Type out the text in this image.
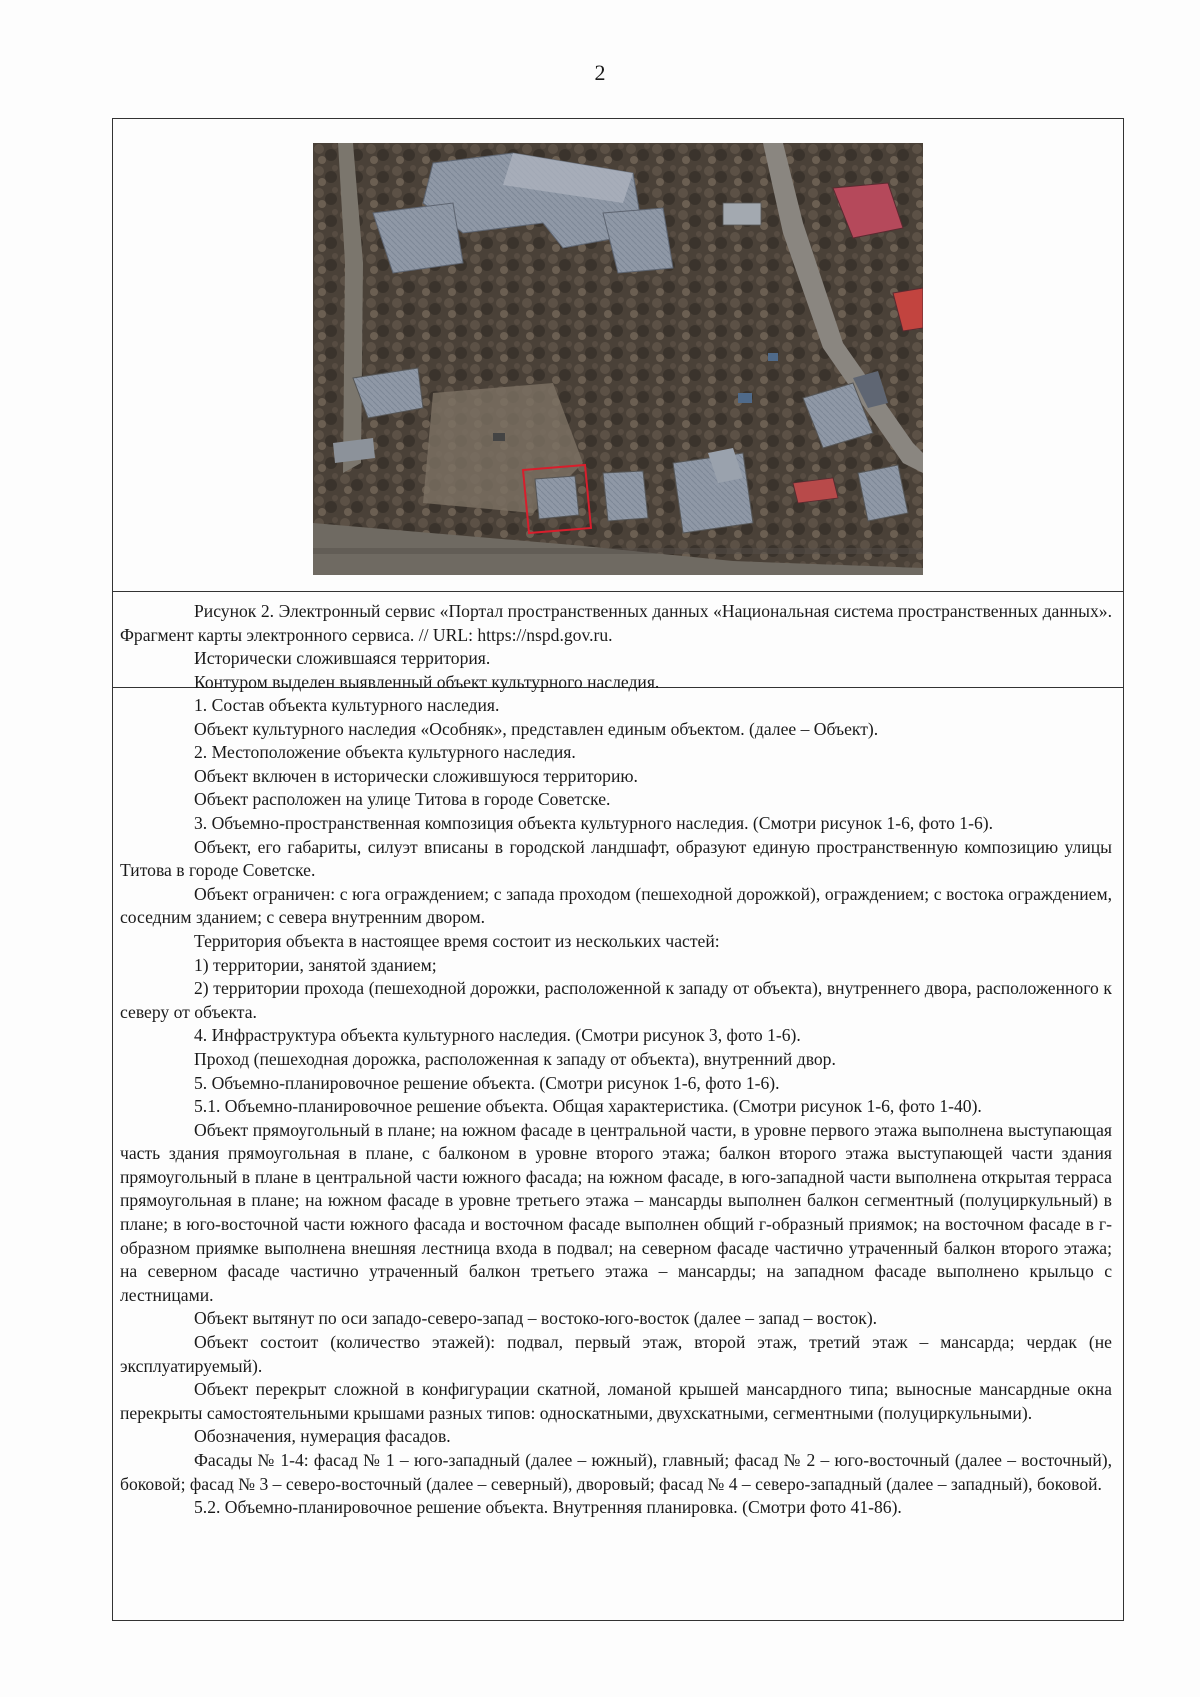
2

Рисунок 2. Электронный сервис «Портал пространственных данных «Национальная система пространственных данных». Фрагмент карты электронного сервиса. // URL: https://nspd.gov.ru.

Исторически сложившаяся территория.

Контуром выделен выявленный объект культурного наследия.

1. Состав объекта культурного наследия.

Объект культурного наследия «Особняк», представлен единым объектом. (далее – Объект).

2. Местоположение объекта культурного наследия.

Объект включен в исторически сложившуюся территорию.

Объект расположен на улице Титова в городе Советске.

3. Объемно-пространственная композиция объекта культурного наследия. (Смотри рисунок 1-6, фото 1-6).

Объект, его габариты, силуэт вписаны в городской ландшафт, образуют единую пространственную композицию улицы Титова в городе Советске.

Объект ограничен: с юга ограждением; с запада проходом (пешеходной дорожкой), ограждением; с востока ограждением, соседним зданием; с севера внутренним двором.

Территория объекта в настоящее время состоит из нескольких частей:

1) территории, занятой зданием;

2) территории прохода (пешеходной дорожки, расположенной к западу от объекта), внутреннего двора, расположенного к северу от объекта.

4. Инфраструктура объекта культурного наследия. (Смотри рисунок 3, фото 1-6).

Проход (пешеходная дорожка, расположенная к западу от объекта), внутренний двор.

5. Объемно-планировочное решение объекта. (Смотри рисунок 1-6, фото 1-6).

5.1. Объемно-планировочное решение объекта. Общая характеристика. (Смотри рисунок 1-6, фото 1-40).

Объект прямоугольный в плане; на южном фасаде в центральной части, в уровне первого этажа выполнена выступающая часть здания прямоугольная в плане, с балконом в уровне второго этажа; балкон второго этажа выступающей части здания прямоугольный в плане в центральной части южного фасада; на южном фасаде, в юго-западной части выполнена открытая терраса прямоугольная в плане; на южном фасаде в уровне третьего этажа – мансарды выполнен балкон сегментный (полуциркульный) в плане; в юго-восточной части южного фасада и восточном фасаде выполнен общий г-образный приямок; на восточном фасаде в г-образном приямке выполнена внешняя лестница входа в подвал; на северном фасаде частично утраченный балкон второго этажа; на северном фасаде частично утраченный балкон третьего этажа – мансарды; на западном фасаде выполнено крыльцо с лестницами.

Объект вытянут по оси западо-северо-запад – востоко-юго-восток (далее – запад – восток).

Объект состоит (количество этажей): подвал, первый этаж, второй этаж, третий этаж – мансарда; чердак (не эксплуатируемый).

Объект перекрыт сложной в конфигурации скатной, ломаной крышей мансардного типа; выносные мансардные окна перекрыты самостоятельными крышами разных типов: односкатными, двухскатными, сегментными (полуциркульными).

Обозначения, нумерация фасадов.

Фасады № 1-4: фасад № 1 – юго-западный (далее – южный), главный; фасад № 2 – юго-восточный (далее – восточный), боковой; фасад № 3 – северо-восточный (далее – северный), дворовый; фасад № 4 – северо-западный (далее – западный), боковой.

5.2. Объемно-планировочное решение объекта. Внутренняя планировка. (Смотри фото 41-86).
